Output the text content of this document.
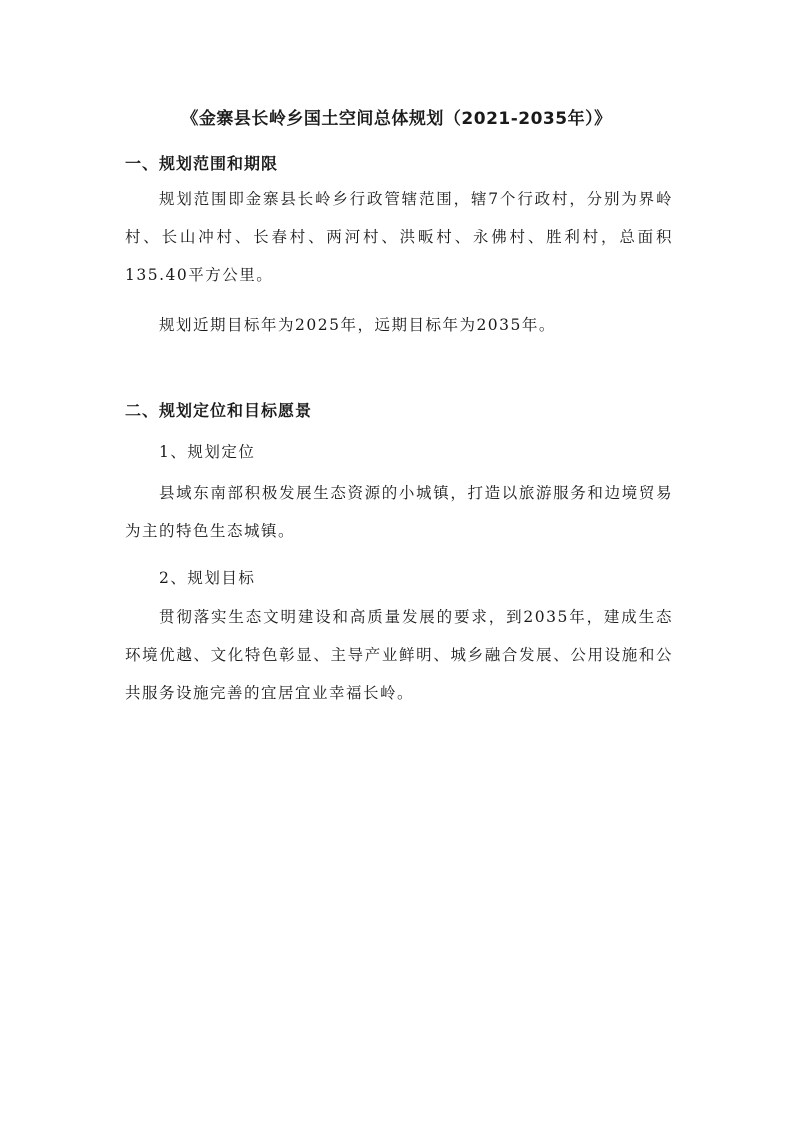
《金寨县长岭乡国土空间总体规划（2021-2035年）》
一、规划范围和期限
规划范围即金寨县长岭乡行政管辖范围，辖7个行政村，分别为界岭村、长山冲村、长春村、两河村、洪畈村、永佛村、胜利村，总面积135.40平方公里。
规划近期目标年为2025年，远期目标年为2035年。
二、规划定位和目标愿景
1、规划定位
县域东南部积极发展生态资源的小城镇，打造以旅游服务和边境贸易为主的特色生态城镇。
2、规划目标
贯彻落实生态文明建设和高质量发展的要求，到2035年，建成生态环境优越、文化特色彰显、主导产业鲜明、城乡融合发展、公用设施和公共服务设施完善的宜居宜业幸福长岭。
